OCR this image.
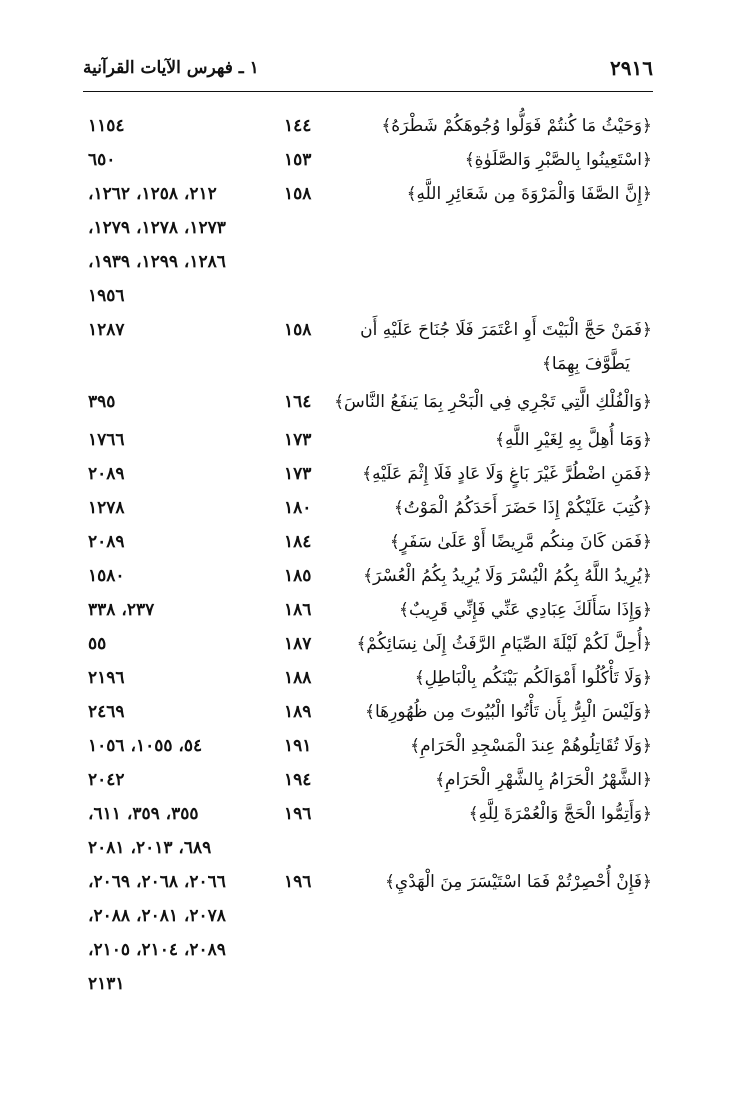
١ ـ فهرس الآيات القرآنية	٢٩١٦
﴿وَحَيْثُ مَا كُنتُمْ فَوَلُّوا وُجُوهَكُمْ شَطْرَهُ﴾
١٤٤
١١٥٤
﴿اسْتَعِينُوا بِالصَّبْرِ وَالصَّلَوٰةِ﴾
١٥٣
٦٥٠
﴿إِنَّ الصَّفَا وَالْمَرْوَةَ مِن شَعَائِرِ اللَّهِ﴾
١٥٨
٢١٢، ١٢٥٨، ١٢٦٢،
١٢٧٣، ١٢٧٨، ١٢٧٩،
١٢٨٦، ١٢٩٩، ١٩٣٩،
١٩٥٦
﴿فَمَنْ حَجَّ الْبَيْتَ أَوِ اعْتَمَرَ فَلَا جُنَاحَ عَلَيْهِ أَن
١٥٨
١٢٨٧
يَطَّوَّفَ بِهِمَا﴾
﴿وَالْفُلْكِ الَّتِي تَجْرِي فِي الْبَحْرِ بِمَا يَنفَعُ النَّاسَ﴾
١٦٤
٣٩٥
﴿وَمَا أُهِلَّ بِهِ لِغَيْرِ اللَّهِ﴾
١٧٣
١٧٦٦
﴿فَمَنِ اضْطُرَّ غَيْرَ بَاغٍ وَلَا عَادٍ فَلَا إِثْمَ عَلَيْهِ﴾
١٧٣
٢٠٨٩
﴿كُتِبَ عَلَيْكُمْ إِذَا حَضَرَ أَحَدَكُمُ الْمَوْتُ﴾
١٨٠
١٢٧٨
﴿فَمَن كَانَ مِنكُم مَّرِيضًا أَوْ عَلَىٰ سَفَرٍ﴾
١٨٤
٢٠٨٩
﴿يُرِيدُ اللَّهُ بِكُمُ الْيُسْرَ وَلَا يُرِيدُ بِكُمُ الْعُسْرَ﴾
١٨٥
١٥٨٠
﴿وَإِذَا سَأَلَكَ عِبَادِي عَنِّي فَإِنِّي قَرِيبٌ﴾
١٨٦
٢٣٧، ٣٣٨
﴿أُحِلَّ لَكُمْ لَيْلَةَ الصِّيَامِ الرَّفَثُ إِلَىٰ نِسَائِكُمْ﴾
١٨٧
٥٥
﴿وَلَا تَأْكُلُوا أَمْوَالَكُم بَيْنَكُم بِالْبَاطِلِ﴾
١٨٨
٢١٩٦
﴿وَلَيْسَ الْبِرُّ بِأَن تَأْتُوا الْبُيُوتَ مِن ظُهُورِهَا﴾
١٨٩
٢٤٦٩
﴿وَلَا تُقَاتِلُوهُمْ عِندَ الْمَسْجِدِ الْحَرَامِ﴾
١٩١
٥٤، ١٠٥٥، ١٠٥٦
﴿الشَّهْرُ الْحَرَامُ بِالشَّهْرِ الْحَرَامِ﴾
١٩٤
٢٠٤٢
﴿وَأَتِمُّوا الْحَجَّ وَالْعُمْرَةَ لِلَّهِ﴾
١٩٦
٣٥٥، ٣٥٩، ٦١١،
٦٨٩، ٢٠١٣، ٢٠٨١
﴿فَإِنْ أُحْصِرْتُمْ فَمَا اسْتَيْسَرَ مِنَ الْهَدْيِ﴾
١٩٦
٢٠٦٦، ٢٠٦٨، ٢٠٦٩،
٢٠٧٨، ٢٠٨١، ٢٠٨٨،
٢٠٨٩، ٢١٠٤، ٢١٠٥،
٢١٣١
